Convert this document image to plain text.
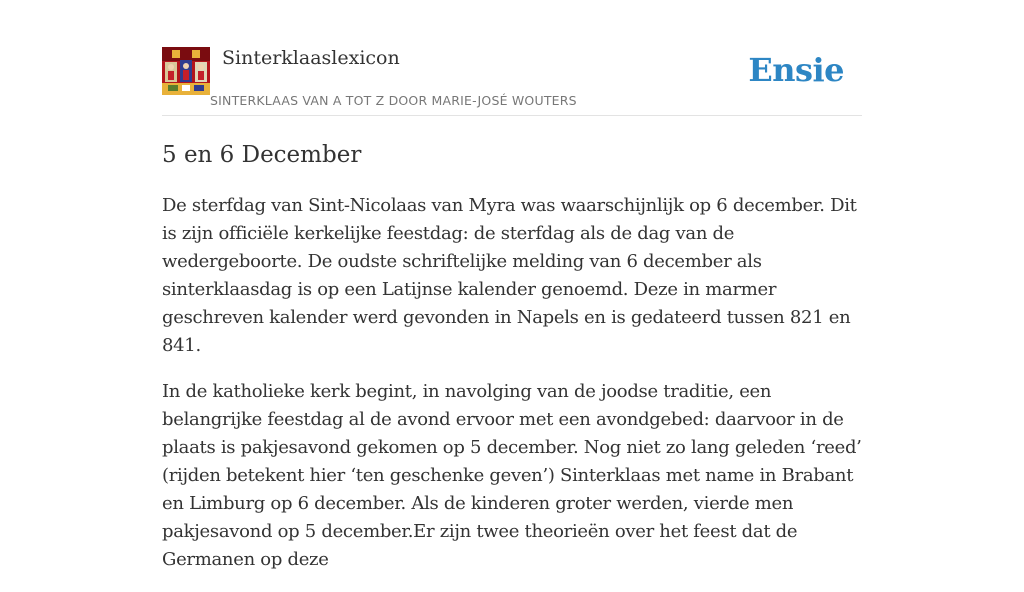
Sinterklaaslexicon
SINTERKLAAS VAN A TOT Z DOOR MARIE-JOSÉ WOUTERS
Ensie
5 en 6 December

De sterfdag van Sint-Nicolaas van Myra was waarschijnlijk op 6 december. Dit is zijn officiële kerkelijke feestdag: de sterfdag als de dag van de wedergeboorte. De oudste schriftelijke melding van 6 december als sinterklaasdag is op een Latijnse kalender genoemd. Deze in marmer geschreven kalender werd gevonden in Napels en is gedateerd tussen 821 en 841.

In de katholieke kerk begint, in navolging van de joodse traditie, een belangrijke feestdag al de avond ervoor met een avondgebed: daarvoor in de plaats is pakjesavond gekomen op 5 december. Nog niet zo lang geleden ‘reed’ (rijden betekent hier ‘ten geschenke geven’) Sinterklaas met name in Brabant en Limburg op 6 december. Als de kinderen groter werden, vierde men pakjesavond op 5 december.Er zijn twee theorieën over het feest dat de Germanen op deze
